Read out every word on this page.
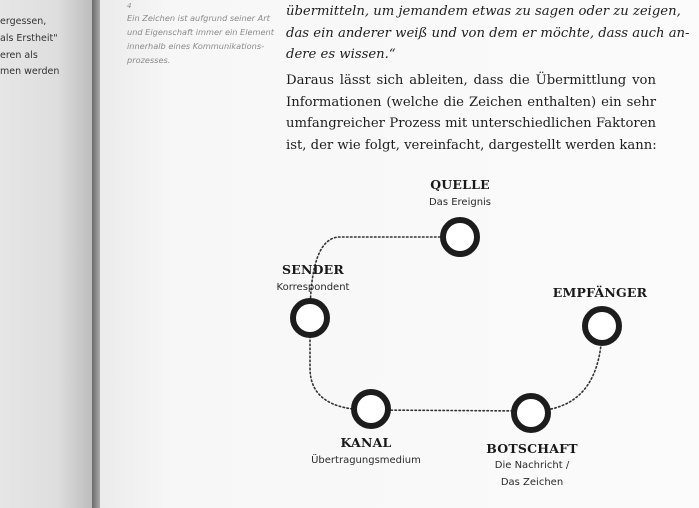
ergessen,
als Erstheit"
eren als
men werden
4
Ein Zeichen ist aufgrund seiner Art und Eigenschaft immer ein Element innerhalb eines Kommunikations-prozesses.
übermitteln, um jemandem etwas zu sagen oder zu zeigen,
das ein anderer weiß und von dem er möchte, dass auch an-
dere es wissen.“
Daraus lässt sich ableiten, dass die Übermittlung von
Informationen (welche die Zeichen enthalten) ein sehr
umfangreicher Prozess mit unterschiedlichen Faktoren
ist, der wie folgt, vereinfacht, dargestellt werden kann:
QUELLE
Das Ereignis
SENDER
Korrespondent	EMPFÄNGER
KANAL
Übertragungsmedium
BOTSCHAFT
Die Nachricht /
Das Zeichen
